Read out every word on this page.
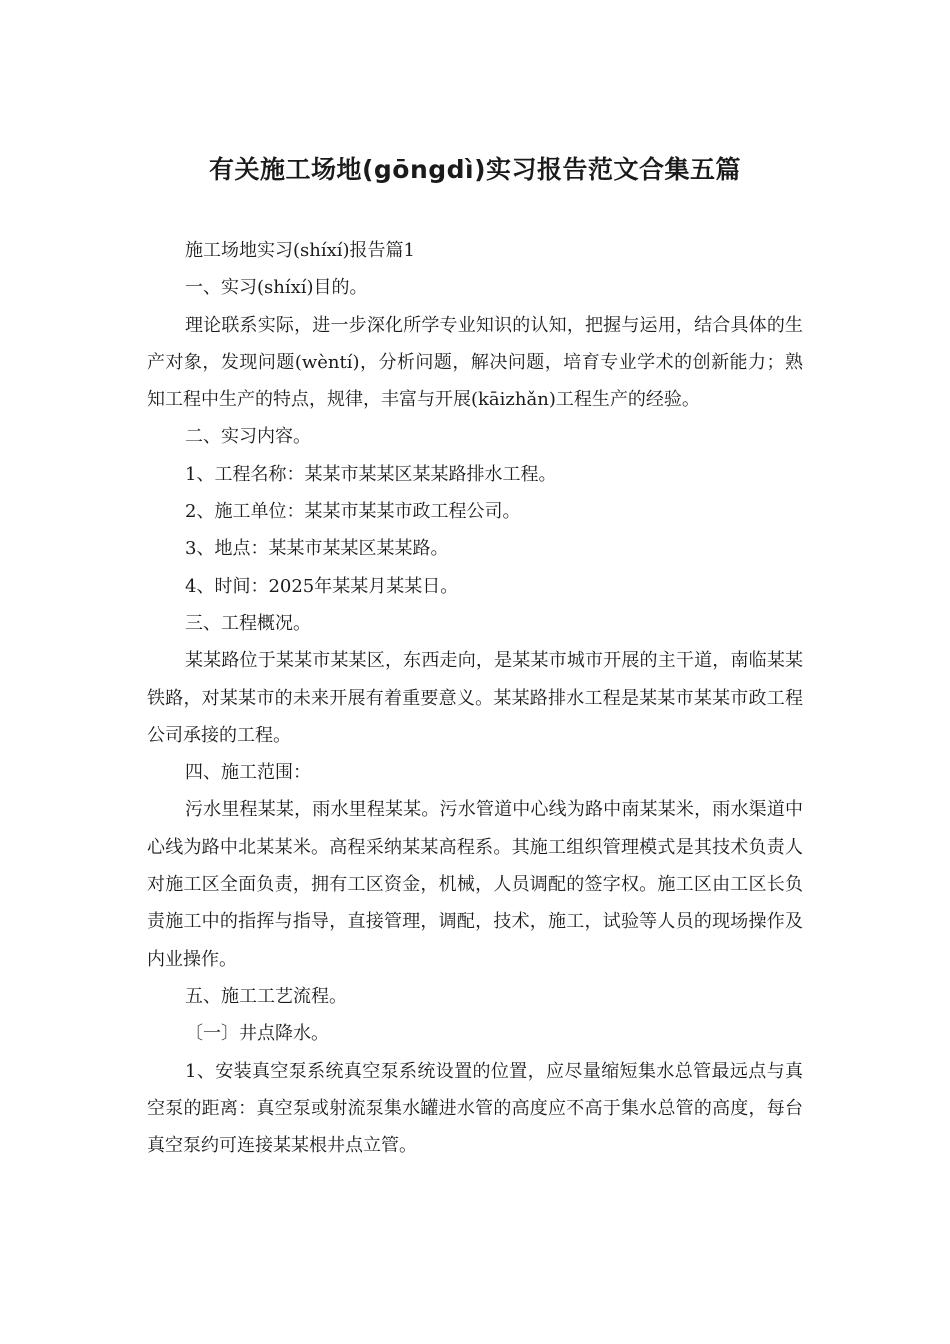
有关施工场地(gōngdì)实习报告范文合集五篇

施工场地实习(shíxí)报告篇1

一、实习(shíxí)目的。

理论联系实际，进一步深化所学专业知识的认知，把握与运用，结合具体的生产对象，发现问题(wèntí)，分析问题，解决问题，培育专业学术的创新能力；熟知工程中生产的特点，规律，丰富与开展(kāizhǎn)工程生产的经验。

二、实习内容。

1、工程名称：某某市某某区某某路排水工程。

2、施工单位：某某市某某市政工程公司。

3、地点：某某市某某区某某路。

4、时间：2025年某某月某某日。

三、工程概况。

某某路位于某某市某某区，东西走向，是某某市城市开展的主干道，南临某某铁路，对某某市的未来开展有着重要意义。某某路排水工程是某某市某某市政工程公司承接的工程。

四、施工范围：

污水里程某某，雨水里程某某。污水管道中心线为路中南某某米，雨水渠道中心线为路中北某某米。高程采纳某某高程系。其施工组织管理模式是其技术负责人对施工区全面负责，拥有工区资金，机械，人员调配的签字权。施工区由工区长负责施工中的指挥与指导，直接管理，调配，技术，施工，试验等人员的现场操作及内业操作。

五、施工工艺流程。

〔一〕井点降水。

1、安装真空泵系统真空泵系统设置的位置，应尽量缩短集水总管最远点与真空泵的距离：真空泵或射流泵集水罐进水管的高度应不高于集水总管的高度，每台真空泵约可连接某某根井点立管。
